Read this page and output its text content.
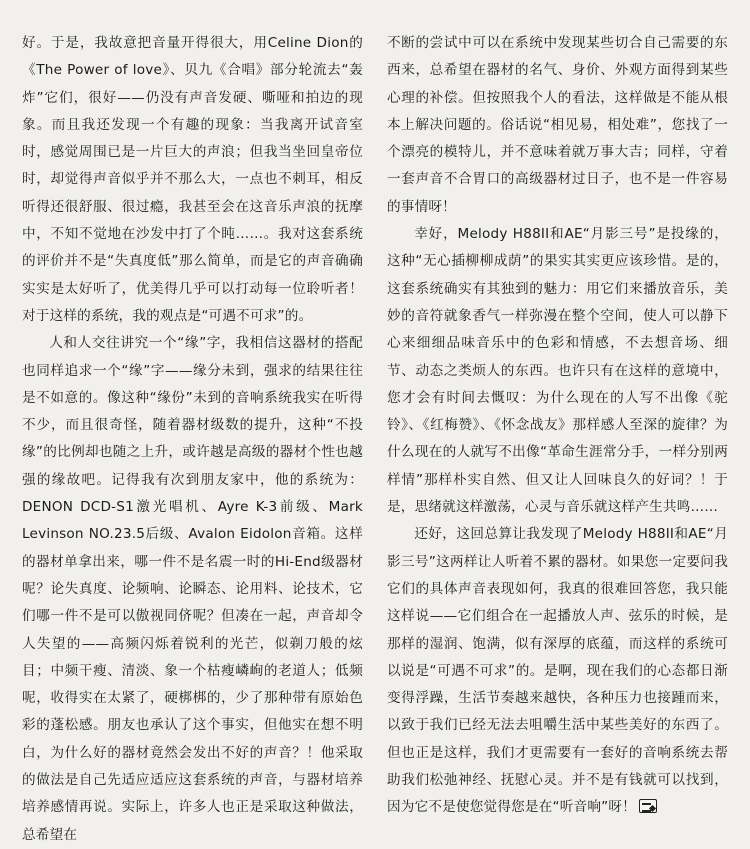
好。于是，我故意把音量开得很大，用Celine Dion的《The Power of love》、贝九《合唱》部分轮流去“轰炸”它们，很好——仍没有声音发硬、嘶哑和拍边的现象。而且我还发现一个有趣的现象：当我离开试音室时，感觉周围已是一片巨大的声浪；但我当坐回皇帝位时，却觉得声音似乎并不那么大，一点也不刺耳，相反听得还很舒服、很过瘾，我甚至会在这音乐声浪的抚摩中，不知不觉地在沙发中打了个盹……。我对这套系统的评价并不是“失真度低”那么简单，而是它的声音确确实实是太好听了，优美得几乎可以打动每一位聆听者！对于这样的系统，我的观点是“可遇不可求”的。

人和人交往讲究一个“缘”字，我相信这器材的搭配也同样追求一个“缘”字——缘分未到，强求的结果往往是不如意的。像这种“缘份”未到的音响系统我实在听得不少，而且很奇怪，随着器材级数的提升，这种“不投缘”的比例却也随之上升，或许越是高级的器材个性也越强的缘故吧。记得我有次到朋友家中，他的系统为：DENON DCD-S1激光唱机、Ayre K-3前级、Mark Levinson NO.23.5后级、Avalon Eidolon音箱。这样的器材单拿出来，哪一件不是名震一时的Hi-End级器材呢？论失真度、论频响、论瞬态、论用料、论技术，它们哪一件不是可以傲视同侪呢？但凑在一起，声音却令人失望的——高频闪烁着锐利的光芒，似剃刀般的炫目；中频干瘦、清淡、象一个枯瘦嶙峋的老道人；低频呢，收得实在太紧了，硬梆梆的，少了那种带有原始色彩的蓬松感。朋友也承认了这个事实，但他实在想不明白，为什么好的器材竟然会发出不好的声音？！他采取的做法是自己先适应适应这套系统的声音，与器材培养培养感情再说。实际上，许多人也正是采取这种做法，总希望在

不断的尝试中可以在系统中发现某些切合自己需要的东西来，总希望在器材的名气、身价、外观方面得到某些心理的补偿。但按照我个人的看法，这样做是不能从根本上解决问题的。俗话说“相见易，相处难”，您找了一个漂亮的模特儿，并不意味着就万事大吉；同样，守着一套声音不合胃口的高级器材过日子，也不是一件容易的事情呀！

幸好，Melody H88II和AE“月影三号”是投缘的，这种“无心插柳柳成荫”的果实其实更应该珍惜。是的，这套系统确实有其独到的魅力：用它们来播放音乐，美妙的音符就象香气一样弥漫在整个空间，使人可以静下心来细细品味音乐中的色彩和情感，不去想音场、细节、动态之类烦人的东西。也许只有在这样的意境中，您才会有时间去慨叹：为什么现在的人写不出像《驼铃》、《红梅赞》、《怀念战友》那样感人至深的旋律？为什么现在的人就写不出像“革命生涯常分手，一样分别两样情”那样朴实自然、但又让人回味良久的好词？！于是，思绪就这样激荡，心灵与音乐就这样产生共鸣……

还好，这回总算让我发现了Melody H88II和AE“月影三号”这两样让人听着不累的器材。如果您一定要问我它们的具体声音表现如何，我真的很难回答您，我只能这样说——它们组合在一起播放人声、弦乐的时候，是那样的湿润、饱满，似有深厚的底蕴，而这样的系统可以说是“可遇不可求”的。是啊，现在我们的心态都日渐变得浮躁，生活节奏越来越快，各种压力也接踵而来，以致于我们已经无法去咀嚼生活中某些美好的东西了。但也正是这样，我们才更需要有一套好的音响系统去帮助我们松弛神经、抚慰心灵。并不是有钱就可以找到，因为它不是使您觉得您是在“听音响”呀！
